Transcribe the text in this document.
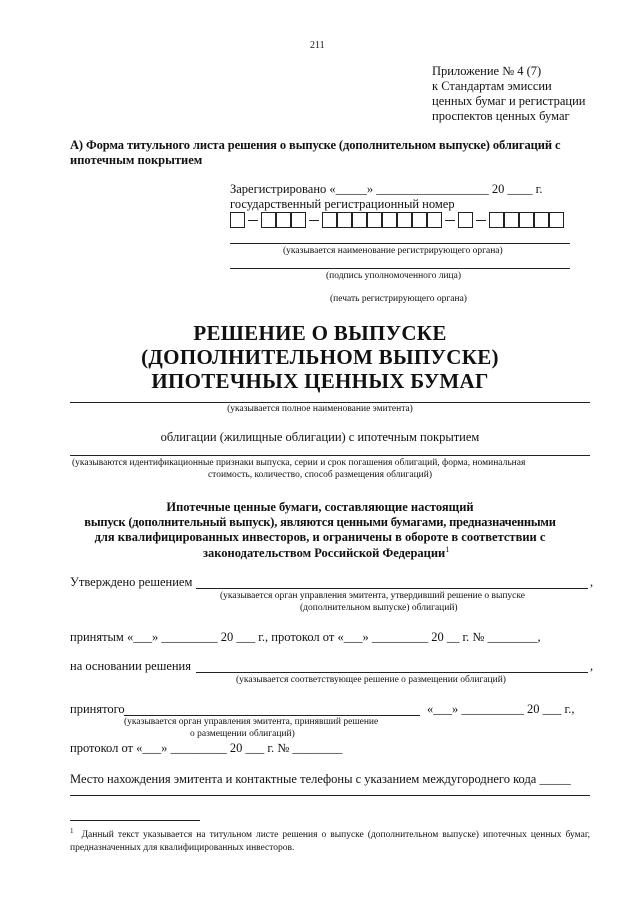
211
Приложение № 4 (7)
к Стандартам эмиссии
ценных бумаг и регистрации
проспектов ценных бумаг
А) Форма титульного листа решения о выпуске (дополнительном выпуске) облигаций с
ипотечным покрытием
Зарегистрировано «_____» __________________ 20 ____ г.
государственный регистрационный номер
(указывается наименование регистрирующего органа)
(подпись уполномоченного лица)
(печать регистрирующего органа)
РЕШЕНИЕ О ВЫПУСКЕ
(ДОПОЛНИТЕЛЬНОМ ВЫПУСКЕ)
ИПОТЕЧНЫХ ЦЕННЫХ БУМАГ
(указывается полное наименование эмитента)
облигации (жилищные облигации) с ипотечным покрытием
(указываются идентификационные признаки выпуска, серии и срок погашения облигаций, форма, номинальная
стоимость, количество, способ размещения облигаций)
Ипотечные ценные бумаги, составляющие настоящий
выпуск (дополнительный выпуск), являются ценными бумагами, предназначенными
для квалифицированных инвесторов, и ограничены в обороте в соответствии с
законодательством Российской Федерации$^1$
Утверждено решением	,
(указывается орган управления эмитента, утвердивший решение о выпуске
(дополнительном выпуске) облигаций)
принятым «___» _________ 20 ___ г., протокол от «___» _________ 20 __ г. № ________,
на основании решения	,
(указывается соответствующее решение о размещении облигаций)
принятого	«___» __________ 20 ___ г.,
(указывается орган управления эмитента, принявший решение
о размещении облигаций)
протокол от «___» _________ 20 ___ г. № ________
Место нахождения эмитента и контактные телефоны с указанием междугороднего кода _____
$^1$ Данный текст указывается на титульном листе решения о выпуске (дополнительном выпуске) ипотечных ценных бумаг, предназначенных для квалифицированных инвесторов.
